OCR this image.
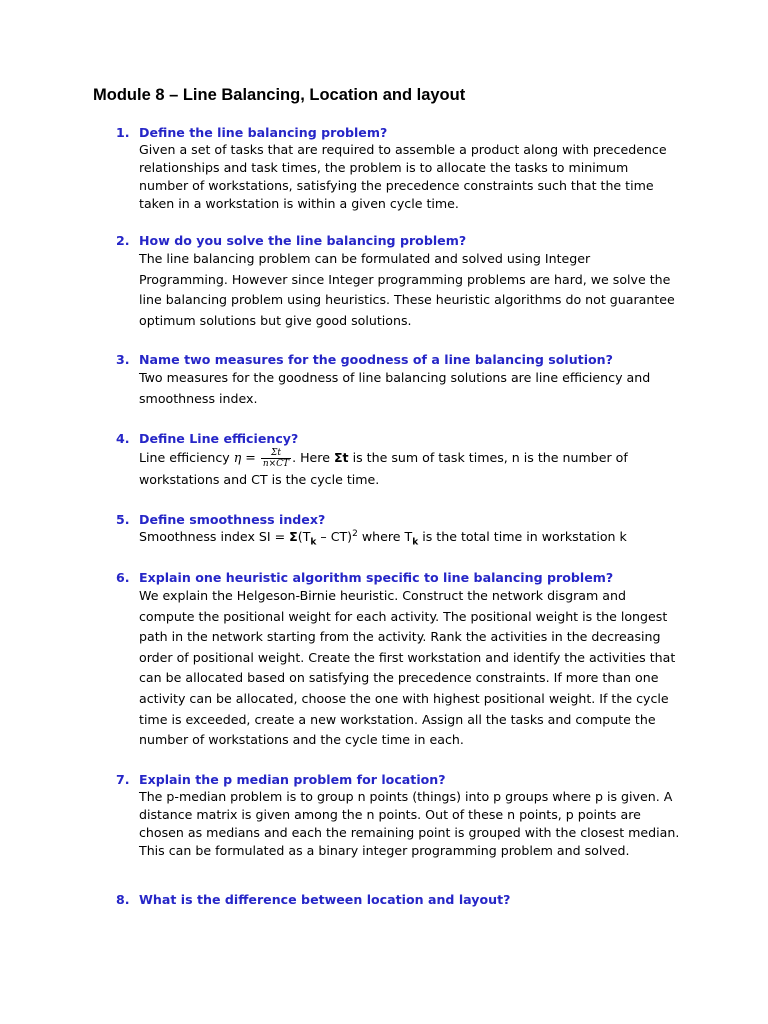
Module 8 – Line Balancing, Location and layout
1. Define the line balancing problem?
Given a set of tasks that are required to assemble a product along with precedence
relationships and task times, the problem is to allocate the tasks to minimum
number of workstations, satisfying the precedence constraints such that the time
taken in a workstation is within a given cycle time.
2. How do you solve the line balancing problem?
The line balancing problem can be formulated and solved using Integer
Programming. However since Integer programming problems are hard, we solve the
line balancing problem using heuristics. These heuristic algorithms do not guarantee
optimum solutions but give good solutions.
3. Name two measures for the goodness of a line balancing solution?
Two measures for the goodness of line balancing solutions are line efficiency and
smoothness index.
4. Define Line efficiency?
Line efficiency $\eta = \frac{\Sigma t}{n\times CT}$ . Here Σt is the sum of task times, n is the number of
workstations and CT is the cycle time.
5. Define smoothness index?
Smoothness index SI = $\Sigma(T_k - CT)^2$ where $T_k$ is the total time in workstation k
6. Explain one heuristic algorithm specific to line balancing problem?
We explain the Helgeson-Birnie heuristic. Construct the network disgram and
compute the positional weight for each activity. The positional weight is the longest
path in the network starting from the activity. Rank the activities in the decreasing
order of positional weight. Create the first workstation and identify the activities that
can be allocated based on satisfying the precedence constraints. If more than one
activity can be allocated, choose the one with highest positional weight. If the cycle
time is exceeded, create a new workstation. Assign all the tasks and compute the
number of workstations and the cycle time in each.
7. Explain the p median problem for location?
The p-median problem is to group n points (things) into p groups where p is given. A
distance matrix is given among the n points. Out of these n points, p points are
chosen as medians and each the remaining point is grouped with the closest median.
This can be formulated as a binary integer programming problem and solved.
8. What is the difference between location and layout?
